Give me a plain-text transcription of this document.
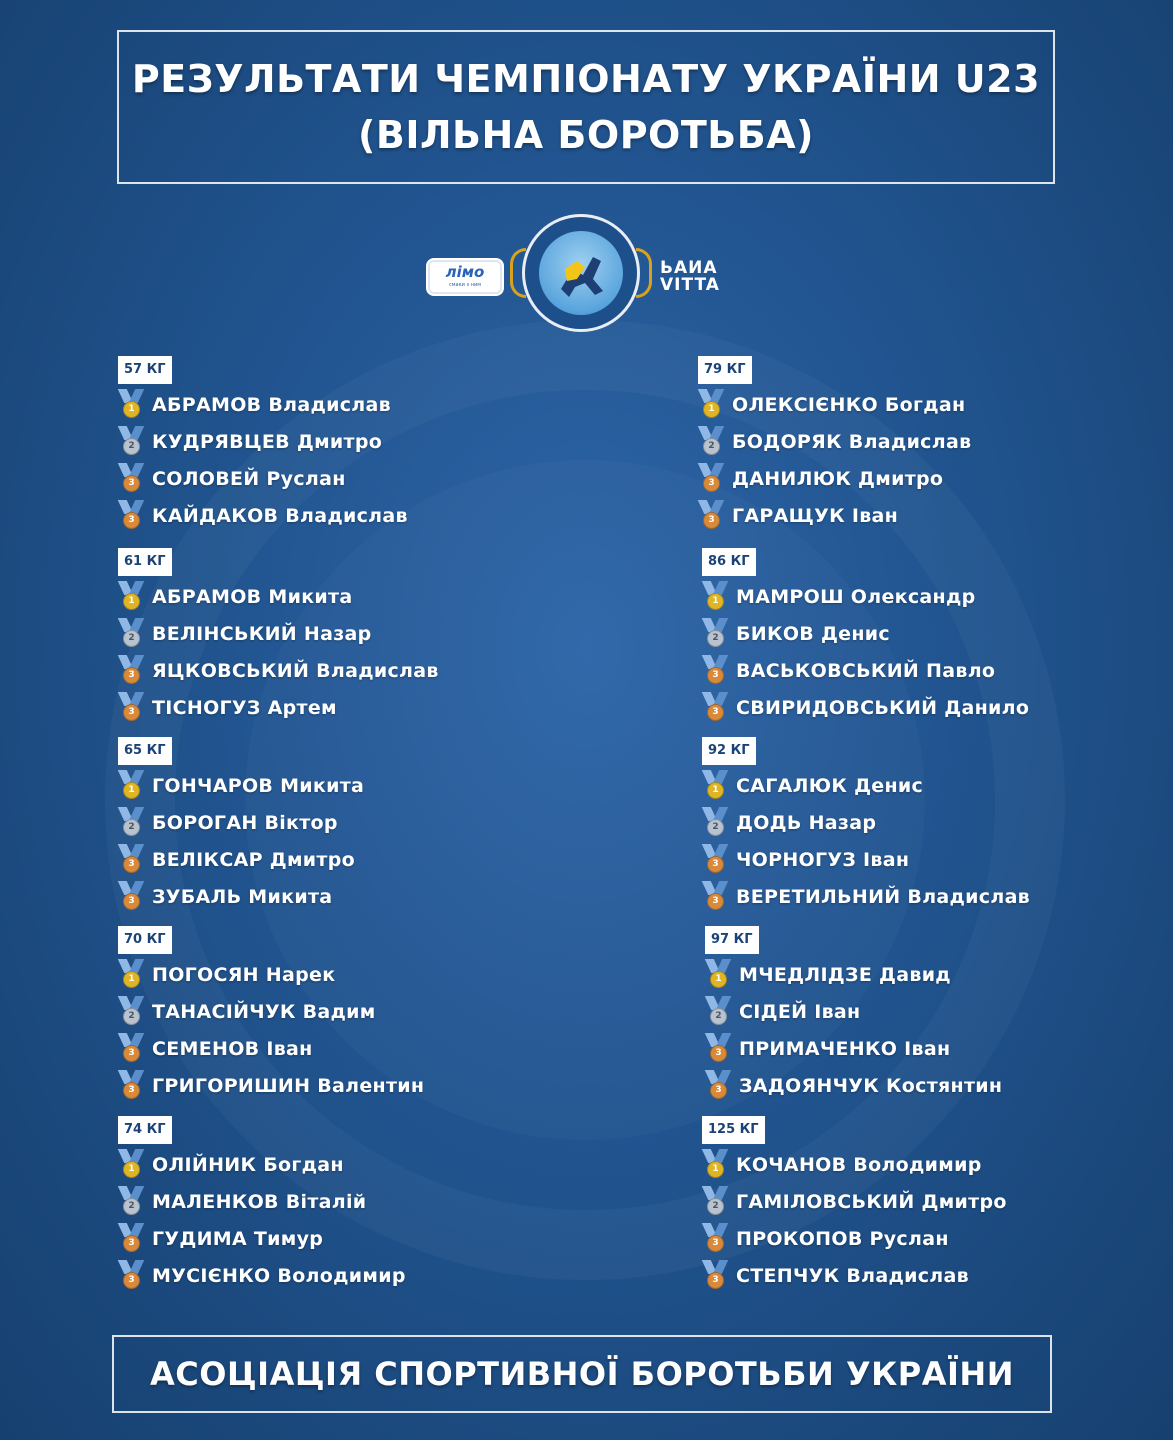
РЕЗУЛЬТАТИ ЧЕМПІОНАТУ УКРАЇНИ U23
(ВІЛЬНА БОРОТЬБА)
лімо
смаки з ним
ЬАИА
VITTA
57 КГ
1 АБРАМОВ Владислав
2 КУДРЯВЦЕВ Дмитро
3 СОЛОВЕЙ Руслан
3 КАЙДАКОВ Владислав
61 КГ
1 АБРАМОВ Микита
2 ВЕЛІНСЬКИЙ Назар
3 ЯЦКОВСЬКИЙ Владислав
3 ТІСНОГУЗ Артем
65 КГ
1 ГОНЧАРОВ Микита
2 БОРОГАН Віктор
3 ВЕЛІКСАР Дмитро
3 ЗУБАЛЬ Микита
70 КГ
1 ПОГОСЯН Нарек
2 ТАНАСІЙЧУК Вадим
3 СЕМЕНОВ Іван
3 ГРИГОРИШИН Валентин
74 КГ
1 ОЛІЙНИК Богдан
2 МАЛЕНКОВ Віталій
3 ГУДИМА Тимур
3 МУСІЄНКО Володимир
79 КГ
1 ОЛЕКСІЄНКО Богдан
2 БОДОРЯК Владислав
3 ДАНИЛЮК Дмитро
3 ГАРАЩУК Іван
86 КГ
1 МАМРОШ Олександр
2 БИКОВ Денис
3 ВАСЬКОВСЬКИЙ Павло
3 СВИРИДОВСЬКИЙ Данило
92 КГ
1 САГАЛЮК Денис
2 ДОДЬ Назар
3 ЧОРНОГУЗ Іван
3 ВЕРЕТИЛЬНИЙ Владислав
97 КГ
1 МЧЕДЛІДЗЕ Давид
2 СІДЕЙ Іван
3 ПРИМАЧЕНКО Іван
3 ЗАДОЯНЧУК Костянтин
125 КГ
1 КОЧАНОВ Володимир
2 ГАМІЛОВСЬКИЙ Дмитро
3 ПРОКОПОВ Руслан
3 СТЕПЧУК Владислав
АСОЦІАЦІЯ СПОРТИВНОЇ БОРОТЬБИ УКРАЇНИ
